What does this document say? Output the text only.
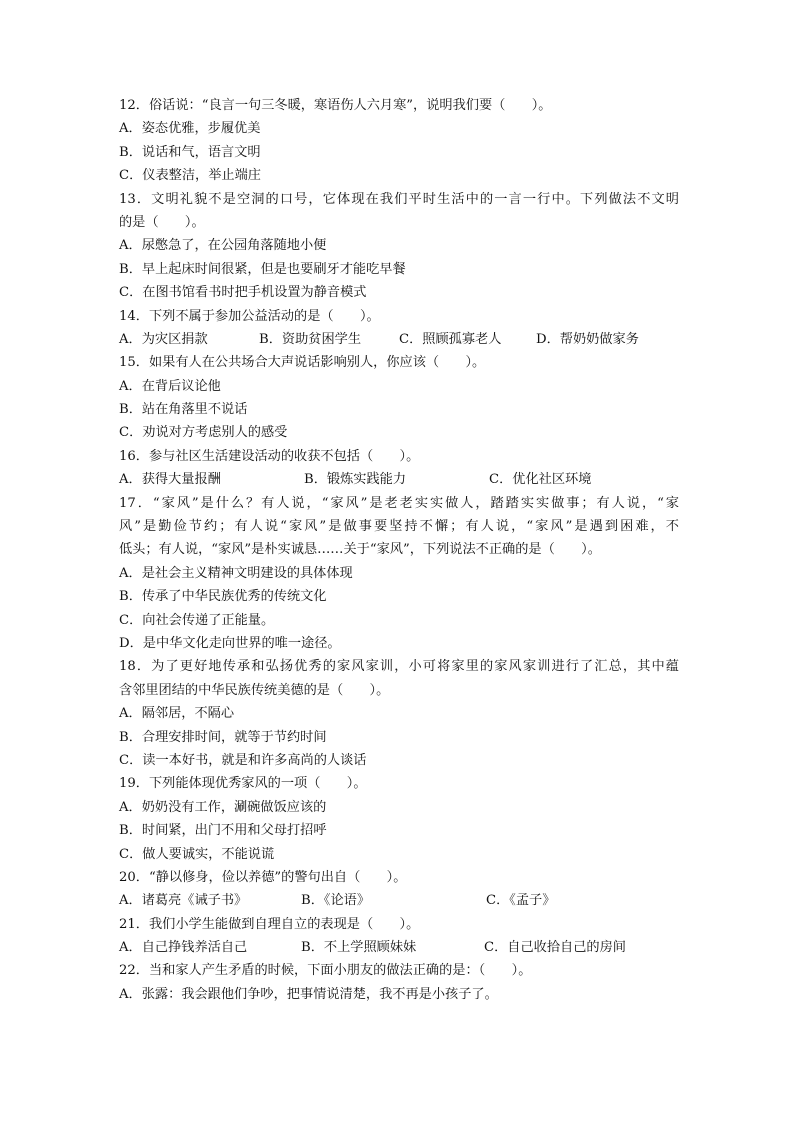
12．俗话说：“良言一句三冬暖，寒语伤人六月寒”，说明我们要（　　）。
A．姿态优雅，步履优美
B．说话和气，语言文明
C．仪表整洁，举止端庄
13．文明礼貌不是空洞的口号，它体现在我们平时生活中的一言一行中。下列做法不文明
的是（　　）。
A．尿憋急了，在公园角落随地小便
B．早上起床时间很紧，但是也要刷牙才能吃早餐
C．在图书馆看书时把手机设置为静音模式
14．下列不属于参加公益活动的是（　　）。
A．为灾区捐款	B．资助贫困学生	C．照顾孤寡老人	D．帮奶奶做家务
15．如果有人在公共场合大声说话影响别人，你应该（　　）。
A．在背后议论他
B．站在角落里不说话
C．劝说对方考虑别人的感受
16．参与社区生活建设活动的收获不包括（　　）。
A．获得大量报酬	B．锻炼实践能力	C．优化社区环境
17．“家风”是什么？有人说，“家风”是老老实实做人，踏踏实实做事；有人说，“家
风”是勤俭节约；有人说“家风”是做事要坚持不懈；有人说，“家风”是遇到困难，不
低头；有人说，“家风”是朴实诚恳……关于“家风”，下列说法不正确的是（　　）。
A．是社会主义精神文明建设的具体体现
B．传承了中华民族优秀的传统文化
C．向社会传递了正能量。
D．是中华文化走向世界的唯一途径。
18．为了更好地传承和弘扬优秀的家风家训，小可将家里的家风家训进行了汇总，其中蕴
含邻里团结的中华民族传统美德的是（　　）。
A．隔邻居，不隔心
B．合理安排时间，就等于节约时间
C．读一本好书，就是和许多高尚的人谈话
19．下列能体现优秀家风的一项（　　）。
A．奶奶没有工作，涮碗做饭应该的
B．时间紧，出门不用和父母打招呼
C．做人要诚实，不能说谎
20．“静以修身，俭以养德”的警句出自（　　）。
A．诸葛亮《诫子书》	B．《论语》	C．《孟子》
21．我们小学生能做到自理自立的表现是（　　）。
A．自己挣钱养活自己	B．不上学照顾妹妹	C．自己收拾自己的房间
22．当和家人产生矛盾的时候，下面小朋友的做法正确的是：（　　）。
A．张露：我会跟他们争吵，把事情说清楚，我不再是小孩子了。
